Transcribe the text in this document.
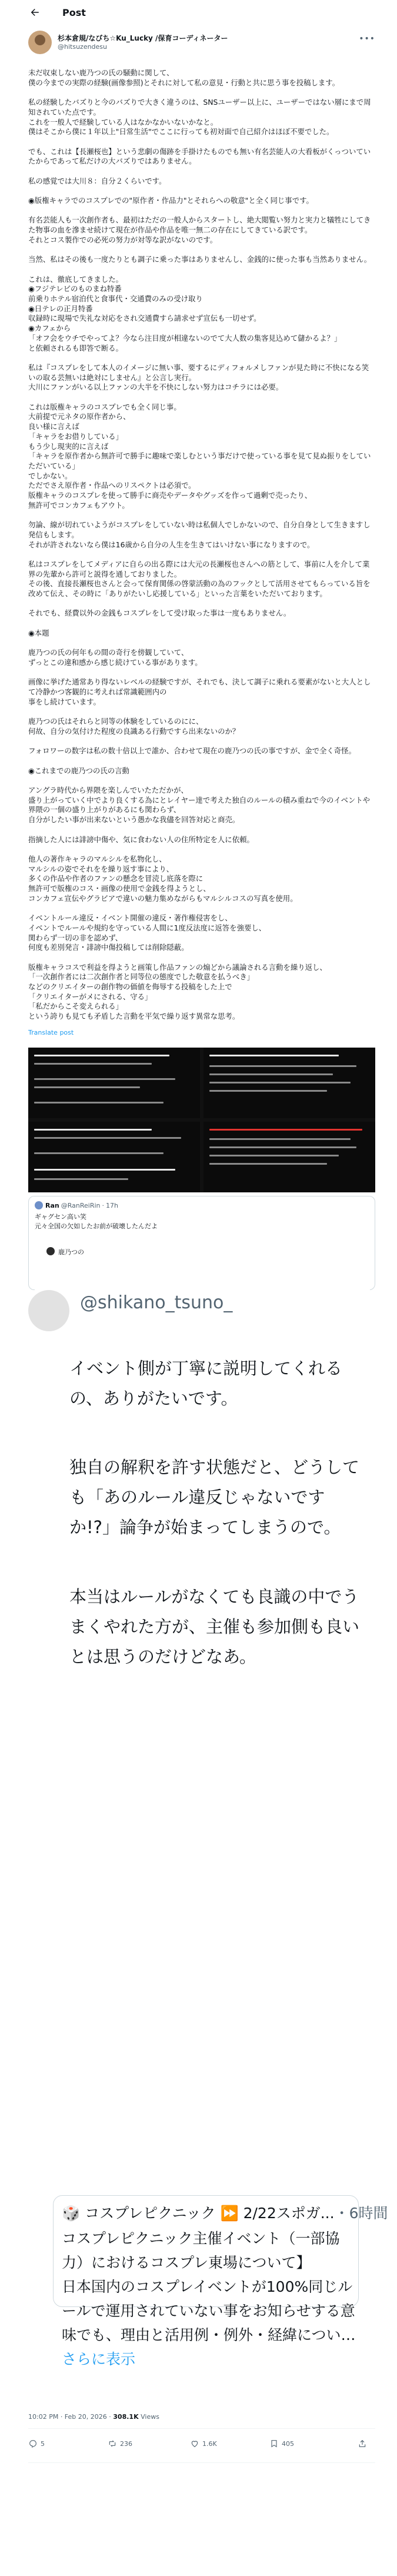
Post
杉本倉規/なびち☆Ku_Lucky /保育コーディネーター
@hitsuzendesu
•••
未だ収束しない鹿乃つの氏の騒動に関して、
僕の今までの実際の経験(画像参照)とそれに対して私の意見・行動と共に思う事を投稿します。
私の経験したバズりと今のバズりで大きく違うのは、SNSユーザー以上に、ユーザーではない層にまで周知されていた点です。
これを一般人で経験している人はなかなかいないかなと。
僕はそこから僕に１年以上"日常生活"でここに行っても初対面で自己紹介はほぼ不要でした。
でも、これは【長瀬桜也】という悲劇の傷跡を手掛けたものでも無い有名芸能人の大看板がくっついていたからであって私だけの大バズりではありません。
私の感覚では大川８：自分２くらいです。
◉版権キャラでのコスプレでの"原作者・作品力"とそれらへの敬意"と全く同じ事です。
有名芸能人も一次創作者も、最初はただの一般人からスタートし、絶大閲覧い努力と実力と犠牲にしてきた物事の血を滲ませ続けて現在が作品や作品を唯一無二の存在にしてきている訳です。
それとコス製作での必死の努力が対等な訳がないのです。
当然、私はその後も一度たりとも調子に乗った事はありませんし、金銭的に使った事も当然ありません。
これは、徹底してきました。
◉フジテレビのものまね特番
前乗りホテル宿泊代と食事代・交通費のみの受け取り
◉日テレの正月特番
収録時に現場で失礼な対応をされ交通費すら請求せず宣伝も一切せず。
◉カフェから
「オフ会をウチでやってよ？今なら注目度が相違ないのでて大人数の集客見込めて儲かるよ？」
と依頼されるも即答で断る。
私は『コスプレをして本人のイメージに無い事、要するにディフォルメしファンが見た時に不快になる笑いの取る芸無いは絶対にしません』と公言し実行。
大川にファンがいる以上ファンの大半を不快にしない努力はコチラには必要。
これは版権キャラのコスプレでも全く同じ事。
大前提で元ネタの原作者から、
良い様に言えば
「キャラをお借りしている」
もう少し現実的に言えば
「キャラを原作者から無許可で勝手に趣味で楽しむという事だけで使っている事を見て見ぬ振りをしていただいている」
でしかない。
ただでさえ原作者・作品へのリスペクトは必須で。
版権キャラのコスプレを使って勝手に商売やデータやグッズを作って過剰で売ったり、
無許可でコンカフェもアウト。
勿論、線が切れていようがコスプレをしていない時は私個人でしかないので、自分自身として生きますし発信もします。
それが許されないなら僕は16歳から自分の人生を生きてはいけない事になりますので。
私はコスプレをしてメディアに自らの出る際には大元の長瀬桜也さんへの筋として、事前に人を介して業界の先輩から許可と説得を通しておりました。
その後、直接長瀬桜也さんと会って保育関係の啓蒙活動の為のフックとして活用させてもらっている旨を改めて伝え、その時に「ありがたいし応援している」といった言葉をいただいております。
それでも、経費以外の金銭もコスプレをして受け取った事は一度もありません。
◉本題
鹿乃つの氏の何年もの間の奇行を傍観していて、
ずっとこの違和感から感じ続けている事があります。
画像に挙げた通常あり得ないレベルの経験ですが、それでも、決して調子に乗れる要素がないと大人として冷静かつ客観的に考えれば常識範囲内の
事をし続けています。
鹿乃つの氏はそれらと同等の体験をしているのにに、
何故、自分の気付けた程度の良識ある行動ですら出来ないのか？
フォロワーの数字は私の数十倍以上で誰か、合わせて現在の鹿乃つの氏の事ですが、金で全く奇怪。
◉これまでの鹿乃つの氏の言動
アングラ時代から界隈を楽しんでいたただかが、
盛り上がっていく中でより良くする為にとレイヤー達で考えた独自のルールの積み重ねで今のイベントや界隈の一個の盛り上がりがあるにも関わらず、
自分がしたい事が出来ないという愚かな我儘を回答対応と商売。
指摘した人には誹謗中傷や、気に食わない人の住所特定を人に依頼。
他人の著作キャラのマルシルを私物化し、
マルシルの姿でそれをを繰り返す事により、
多くの作品や作者のファンの懸念を冒涜し底落を際に
無許可で版権のコス・画像の使用で金銭を得ようとし、
コンカフェ宣伝やグラビアで違いの魅力集めながらもマルシルコスの写真を使用。
イベントルール違反・イベント開催の違反・著作権侵害をし、
イベントでルールや規約を守っている人間に1度反法度に返答を強要し、
関わらず一切の非を認めず、
何度も差別発言・誹謗中傷投稿しては削除隠蔽。
版権キャラコスで利益を得ようと画策し作品ファンの煽どから議論される言動を繰り返し、
「一次創作者には二次創作者と同等位の態度でした敬意を払うべき」
などのクリエイターの創作物の価値を侮辱する投稿をした上で
「クリエイターがメにされる、守る」
「私だからこそ変えられる」
という誇りも見ても矛盾した言動を平気で繰り返す異常な思考。
Translate post
Ran @RanReiRin · 17h
ギャグセン高い笑
元々全国の欠如したお前が破壊したんだよ
鹿乃つの
@shikano_tsuno_
イベント側が丁寧に説明してくれるの、ありがたいです。
独自の解釈を許す状態だと、どうしても「あのルール違反じゃないですか!?」論争が始まってしまうので。
本当はルールがなくても良識の中でうまくやれた方が、主催も参加側も良いとは思うのだけどなあ。
🎲 コスプレピクニック ⏩ 2/22スポガ...・6時間
コスプレピクニック主催イベント（一部協力）におけるコスプレ東場について】
日本国内のコスプレイベントが100%同じルールで運用されていない事をお知らせする意味でも、理由と活用例・例外・経緯につい…さらに表示
10:02 PM · Feb 20, 2026 · 308.1K Views
5	236	1.6K	405
